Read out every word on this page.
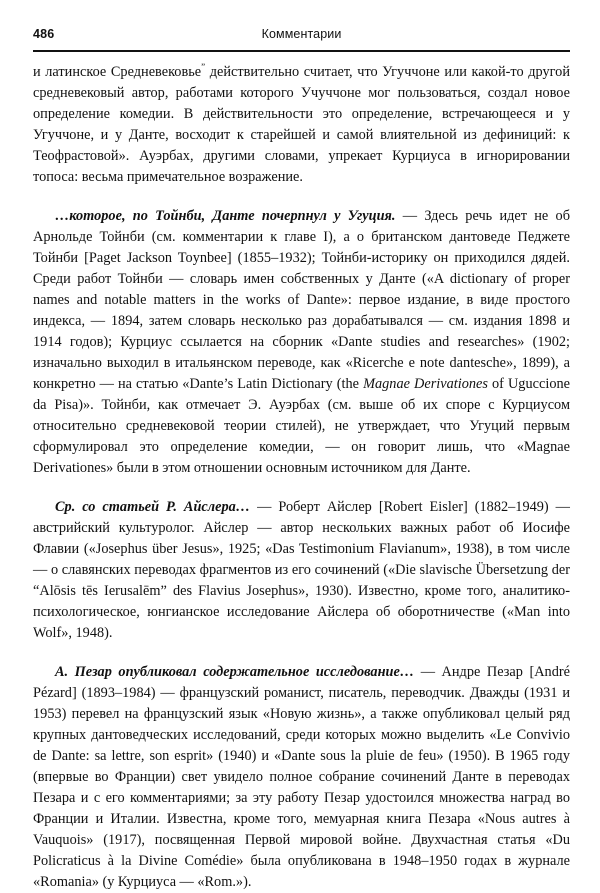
486	Комментарии

и латинское Средневековье” действительно считает, что Угуччоне или какой-то другой средневековый автор, работами которого Учуччоне мог пользоваться, создал новое определение комедии. В действительности это определение, встречающееся и у Угуччоне, и у Данте, восходит к старейшей и самой влиятельной из дефиниций: к Теофрастовой». Ауэрбах, другими словами, упрекает Курциуса в игнорировании топоса: весьма примечательное возражение.

…которое, по Тойнби, Данте почерпнул у Угуция. — Здесь речь идет не об Арнольде Тойнби (см. комментарии к главе I), а о британском дантоведе Педжете Тойнби [Paget Jackson Toynbee] (1855–1932); Тойнби-историку он приходился дядей. Среди работ Тойнби — словарь имен собственных у Данте («A dictionary of proper names and notable matters in the works of Dante»: первое издание, в виде простого индекса, — 1894, затем словарь несколько раз дорабатывался — см. издания 1898 и 1914 годов); Курциус ссылается на сборник «Dante studies and researches» (1902; изначально выходил в итальянском переводе, как «Ricerche e note dantesche», 1899), а конкретно — на статью «Dante’s Latin Dictionary (the Magnae Derivationes of Uguccione da Pisa)». Тойнби, как отмечает Э. Ауэрбах (см. выше об их споре с Курциусом относительно средневековой теории стилей), не утверждает, что Угуций первым сформулировал это определение комедии, — он говорит лишь, что «Magnae Derivationes» были в этом отношении основным источником для Данте.

Ср. со статьей Р. Айслера… — Роберт Айслер [Robert Eisler] (1882–1949) — австрийский культуролог. Айслер — автор нескольких важных работ об Иосифе Флавии («Josephus über Jesus», 1925; «Das Testimonium Flavianum», 1938), в том числе — о славянских переводах фрагментов из его сочинений («Die slavische Übersetzung der “Alōsis tēs Ierusalēm” des Flavius Josephus», 1930). Известно, кроме того, аналитико-психологическое, юнгианское исследование Айслера об оборотничестве («Man into Wolf», 1948).

А. Пезар опубликовал содержательное исследование… — Андре Пезар [André Pézard] (1893–1984) — французский романист, писатель, переводчик. Дважды (1931 и 1953) перевел на французский язык «Новую жизнь», а также опубликовал целый ряд крупных дантоведческих исследований, среди которых можно выделить «Le Convivio de Dante: sa lettre, son esprit» (1940) и «Dante sous la pluie de feu» (1950). В 1965 году (впервые во Франции) свет увидело полное собрание сочинений Данте в переводах Пезара и с его комментариями; за эту работу Пезар удостоился множества наград во Франции и Италии. Известна, кроме того, мемуарная книга Пезара «Nous autres à Vauquois» (1917), посвященная Первой мировой войне. Двухчастная статья «Du Policraticus à la Divine Comédie» была опубликована в 1948–1950 годах в журнале «Romania» (у Курциуса — «Rom.»).
